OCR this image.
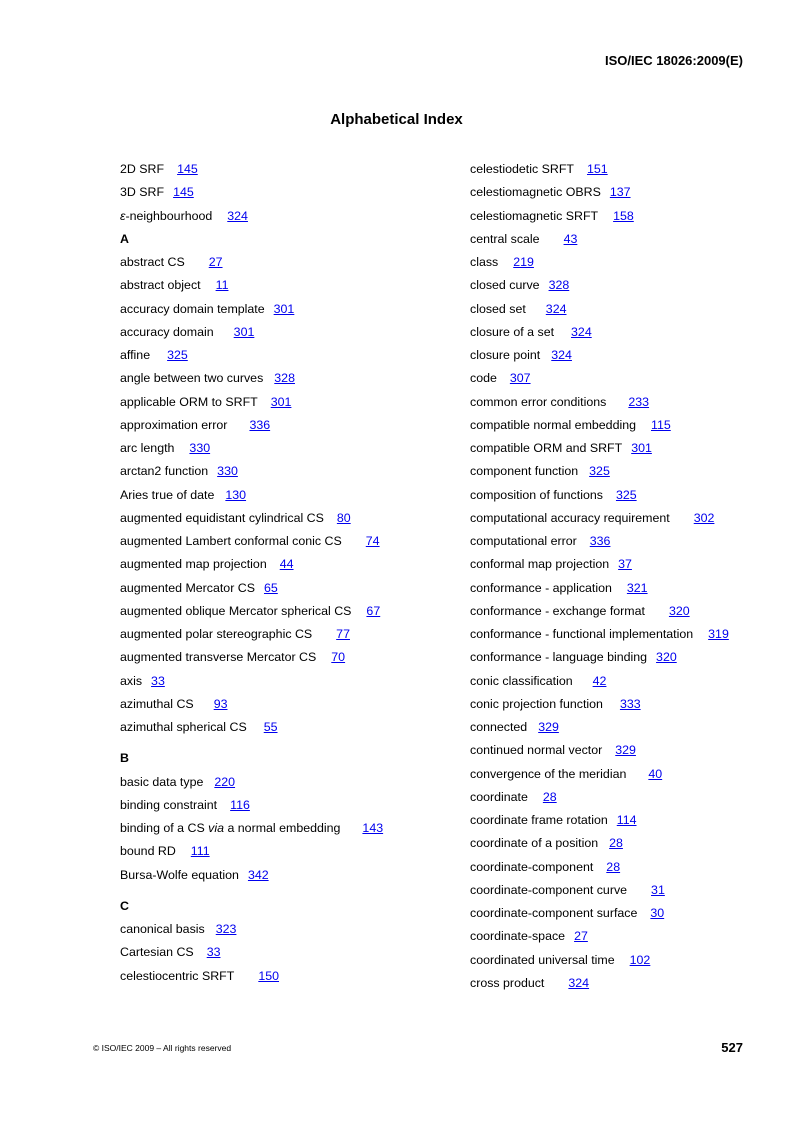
ISO/IEC 18026:2009(E)
Alphabetical Index
2D SRF 145
3D SRF 145
ε-neighbourhood 324
A
abstract CS 27
abstract object 11
accuracy domain template 301
accuracy domain 301
affine 325
angle between two curves 328
applicable ORM to SRFT 301
approximation error 336
arc length 330
arctan2 function 330
Aries true of date 130
augmented equidistant cylindrical CS 80
augmented Lambert conformal conic CS 74
augmented map projection 44
augmented Mercator CS 65
augmented oblique Mercator spherical CS 67
augmented polar stereographic CS 77
augmented transverse Mercator CS 70
axis 33
azimuthal CS 93
azimuthal spherical CS 55
B
basic data type 220
binding constraint 116
binding of a CS via a normal embedding 143
bound RD 111
Bursa-Wolfe equation 342
C
canonical basis 323
Cartesian CS 33
celestiocentric SRFT 150
celestiodetic SRFT 151
celestiomagnetic OBRS 137
celestiomagnetic SRFT 158
central scale 43
class 219
closed curve 328
closed set 324
closure of a set 324
closure point 324
code 307
common error conditions 233
compatible normal embedding 115
compatible ORM and SRFT 301
component function 325
composition of functions 325
computational accuracy requirement 302
computational error 336
conformal map projection 37
conformance - application 321
conformance - exchange format 320
conformance - functional implementation 319
conformance - language binding 320
conic classification 42
conic projection function 333
connected 329
continued normal vector 329
convergence of the meridian 40
coordinate 28
coordinate frame rotation 114
coordinate of a position 28
coordinate-component 28
coordinate-component curve 31
coordinate-component surface 30
coordinate-space 27
coordinated universal time 102
cross product 324
© ISO/IEC 2009 – All rights reserved	527
